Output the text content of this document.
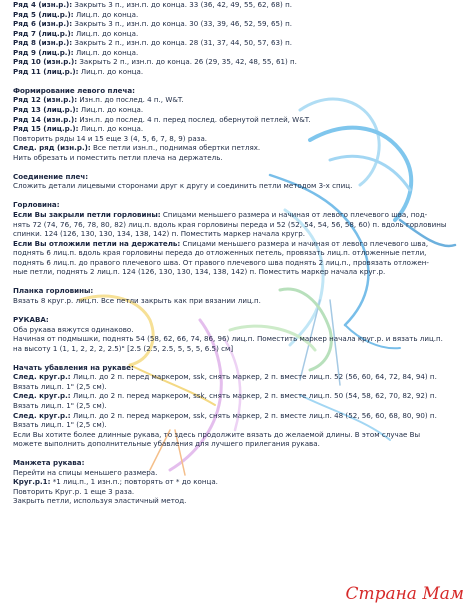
Ряд 4 (изн.р.): Закрыть 3 п., изн.п. до конца. 33 (36, 42, 49, 55, 62, 68) п.
Ряд 5 (лиц.р.): Лиц.п. до конца.
Ряд 6 (изн.р.): Закрыть 3 п., изн.п. до конца. 30 (33, 39, 46, 52, 59, 65) п.
Ряд 7 (лиц.р.): Лиц.п. до конца.
Ряд 8 (изн.р.): Закрыть 2 п., изн.п. до конца. 28 (31, 37, 44, 50, 57, 63) п.
Ряд 9 (лиц.р.): Лиц.п. до конца.
Ряд 10 (изн.р.): Закрыть 2 п., изн.п. до конца. 26 (29, 35, 42, 48, 55, 61) п.
Ряд 11 (лиц.р.): Лиц.п. до конца.
Формирование левого плеча:
Ряд 12 (изн.р.): Изн.п. до послед. 4 п., W&T.
Ряд 13 (лиц.р.): Лиц.п. до конца.
Ряд 14 (изн.р.): Изн.п. до послед. 4 п. перед послед. обернутой петлей, W&T.
Ряд 15 (лиц.р.): Лиц.п. до конца.
Повторить ряды 14 и 15 еще 3 (4, 5, 6, 7, 8, 9) раза.
След. ряд (изн.р.): Все петли изн.п., поднимая обертки петлях.
Нить обрезать и поместить петли плеча на держатель.
Соединение плеч:
Сложить детали лицевыми сторонами друг к другу и соединить петли методом 3-х спиц.
Горловина:
Если Вы закрыли петли горловины: Спицами меньшего размера и начиная от левого плечевого шва, под-
нять 72 (74, 76, 76, 78, 80, 82) лиц.п. вдоль края горловины переда и 52 (52, 54, 54, 56, 58, 60) п. вдоль горловины
спинки. 124 (126, 130, 130, 134, 138, 142) п. Поместить маркер начала кругр.
Если Вы отложили петли на держатель: Спицами меньшего размера и начиная от левого плечевого шва,
поднять 6 лиц.п. вдоль края горловины переда до отложенных петель, провязать лиц.п. отложенные петли,
поднять 6 лиц.п. до правого плечевого шва. От правого плечевого шва поднять 2 лиц.п., провязать отложен-
ные петли, поднять 2 лиц.п. 124 (126, 130, 130, 134, 138, 142) п. Поместить маркер начала круг.р.
Планка горловины:
Вязать 8 круг.р. лиц.п. Все петли закрыть как при вязании лиц.п.
РУКАВА:
Оба рукава вяжутся одинаково.
Начиная от подмышки, поднять 54 (58, 62, 66, 74, 86, 96) лиц.п. Поместить маркер начала круг.р. и вязать лиц.п.
на высоту 1 (1, 1, 2, 2, 2, 2.5)" [2.5 (2.5, 2.5, 5, 5, 5, 6.5) см]
Начать убавления на рукаве:
След. круг.р.: Лиц.п. до 2 п. перед маркером, ssk, снять маркер, 2 п. вместе лиц.п. 52 (56, 60, 64, 72, 84, 94) п.
Вязать лиц.п. 1" (2,5 см).
След. круг.р.: Лиц.п. до 2 п. перед маркером, ssk, снять маркер, 2 п. вместе лиц.п. 50 (54, 58, 62, 70, 82, 92) п.
Вязать лиц.п. 1" (2,5 см).
След. круг.р.: Лиц.п. до 2 п. перед маркером, ssk, снять маркер, 2 п. вместе лиц.п. 48 (52, 56, 60, 68, 80, 90) п.
Вязать лиц.п. 1" (2,5 см).
Если Вы хотите более длинные рукава, то здесь продолжите вязать до желаемой длины. В этом случае Вы
можете выполнить дополнительные убавления для лучшего прилегания рукава.
Манжета рукава:
Перейти на спицы меньшего размера.
Круг.р.1: *1 лиц.п., 1 изн.п.; повторять от * до конца.
Повторить Круг.р. 1 еще 3 раза.
Закрыть петли, используя эластичный метод.
Страна Мам
